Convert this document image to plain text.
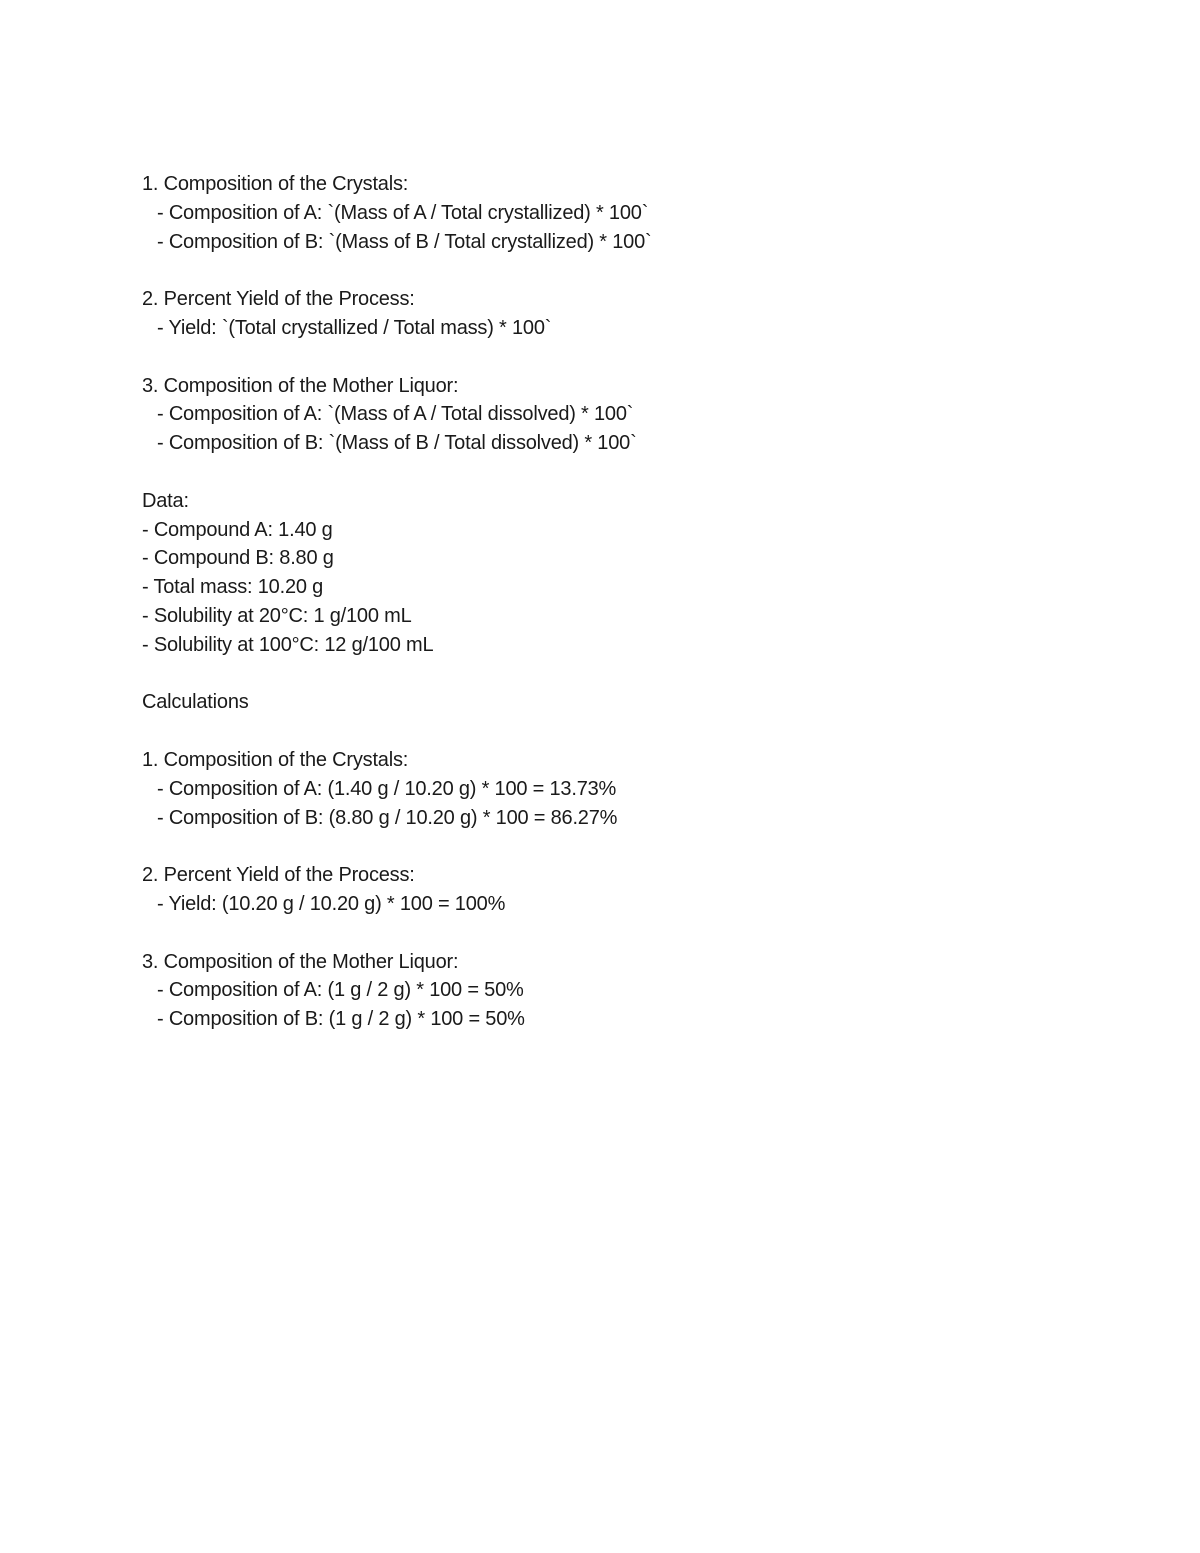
1. Composition of the Crystals:
- Composition of A: `(Mass of A / Total crystallized) * 100`
- Composition of B: `(Mass of B / Total crystallized) * 100`
2. Percent Yield of the Process:
- Yield: `(Total crystallized / Total mass) * 100`
3. Composition of the Mother Liquor:
- Composition of A: `(Mass of A / Total dissolved) * 100`
- Composition of B: `(Mass of B / Total dissolved) * 100`
Data:
- Compound A: 1.40 g
- Compound B: 8.80 g
- Total mass: 10.20 g
- Solubility at 20°C: 1 g/100 mL
- Solubility at 100°C: 12 g/100 mL
Calculations
1. Composition of the Crystals:
- Composition of A: (1.40 g / 10.20 g) * 100 = 13.73%
- Composition of B: (8.80 g / 10.20 g) * 100 = 86.27%
2. Percent Yield of the Process:
- Yield: (10.20 g / 10.20 g) * 100 = 100%
3. Composition of the Mother Liquor:
- Composition of A: (1 g / 2 g) * 100 = 50%
- Composition of B: (1 g / 2 g) * 100 = 50%
